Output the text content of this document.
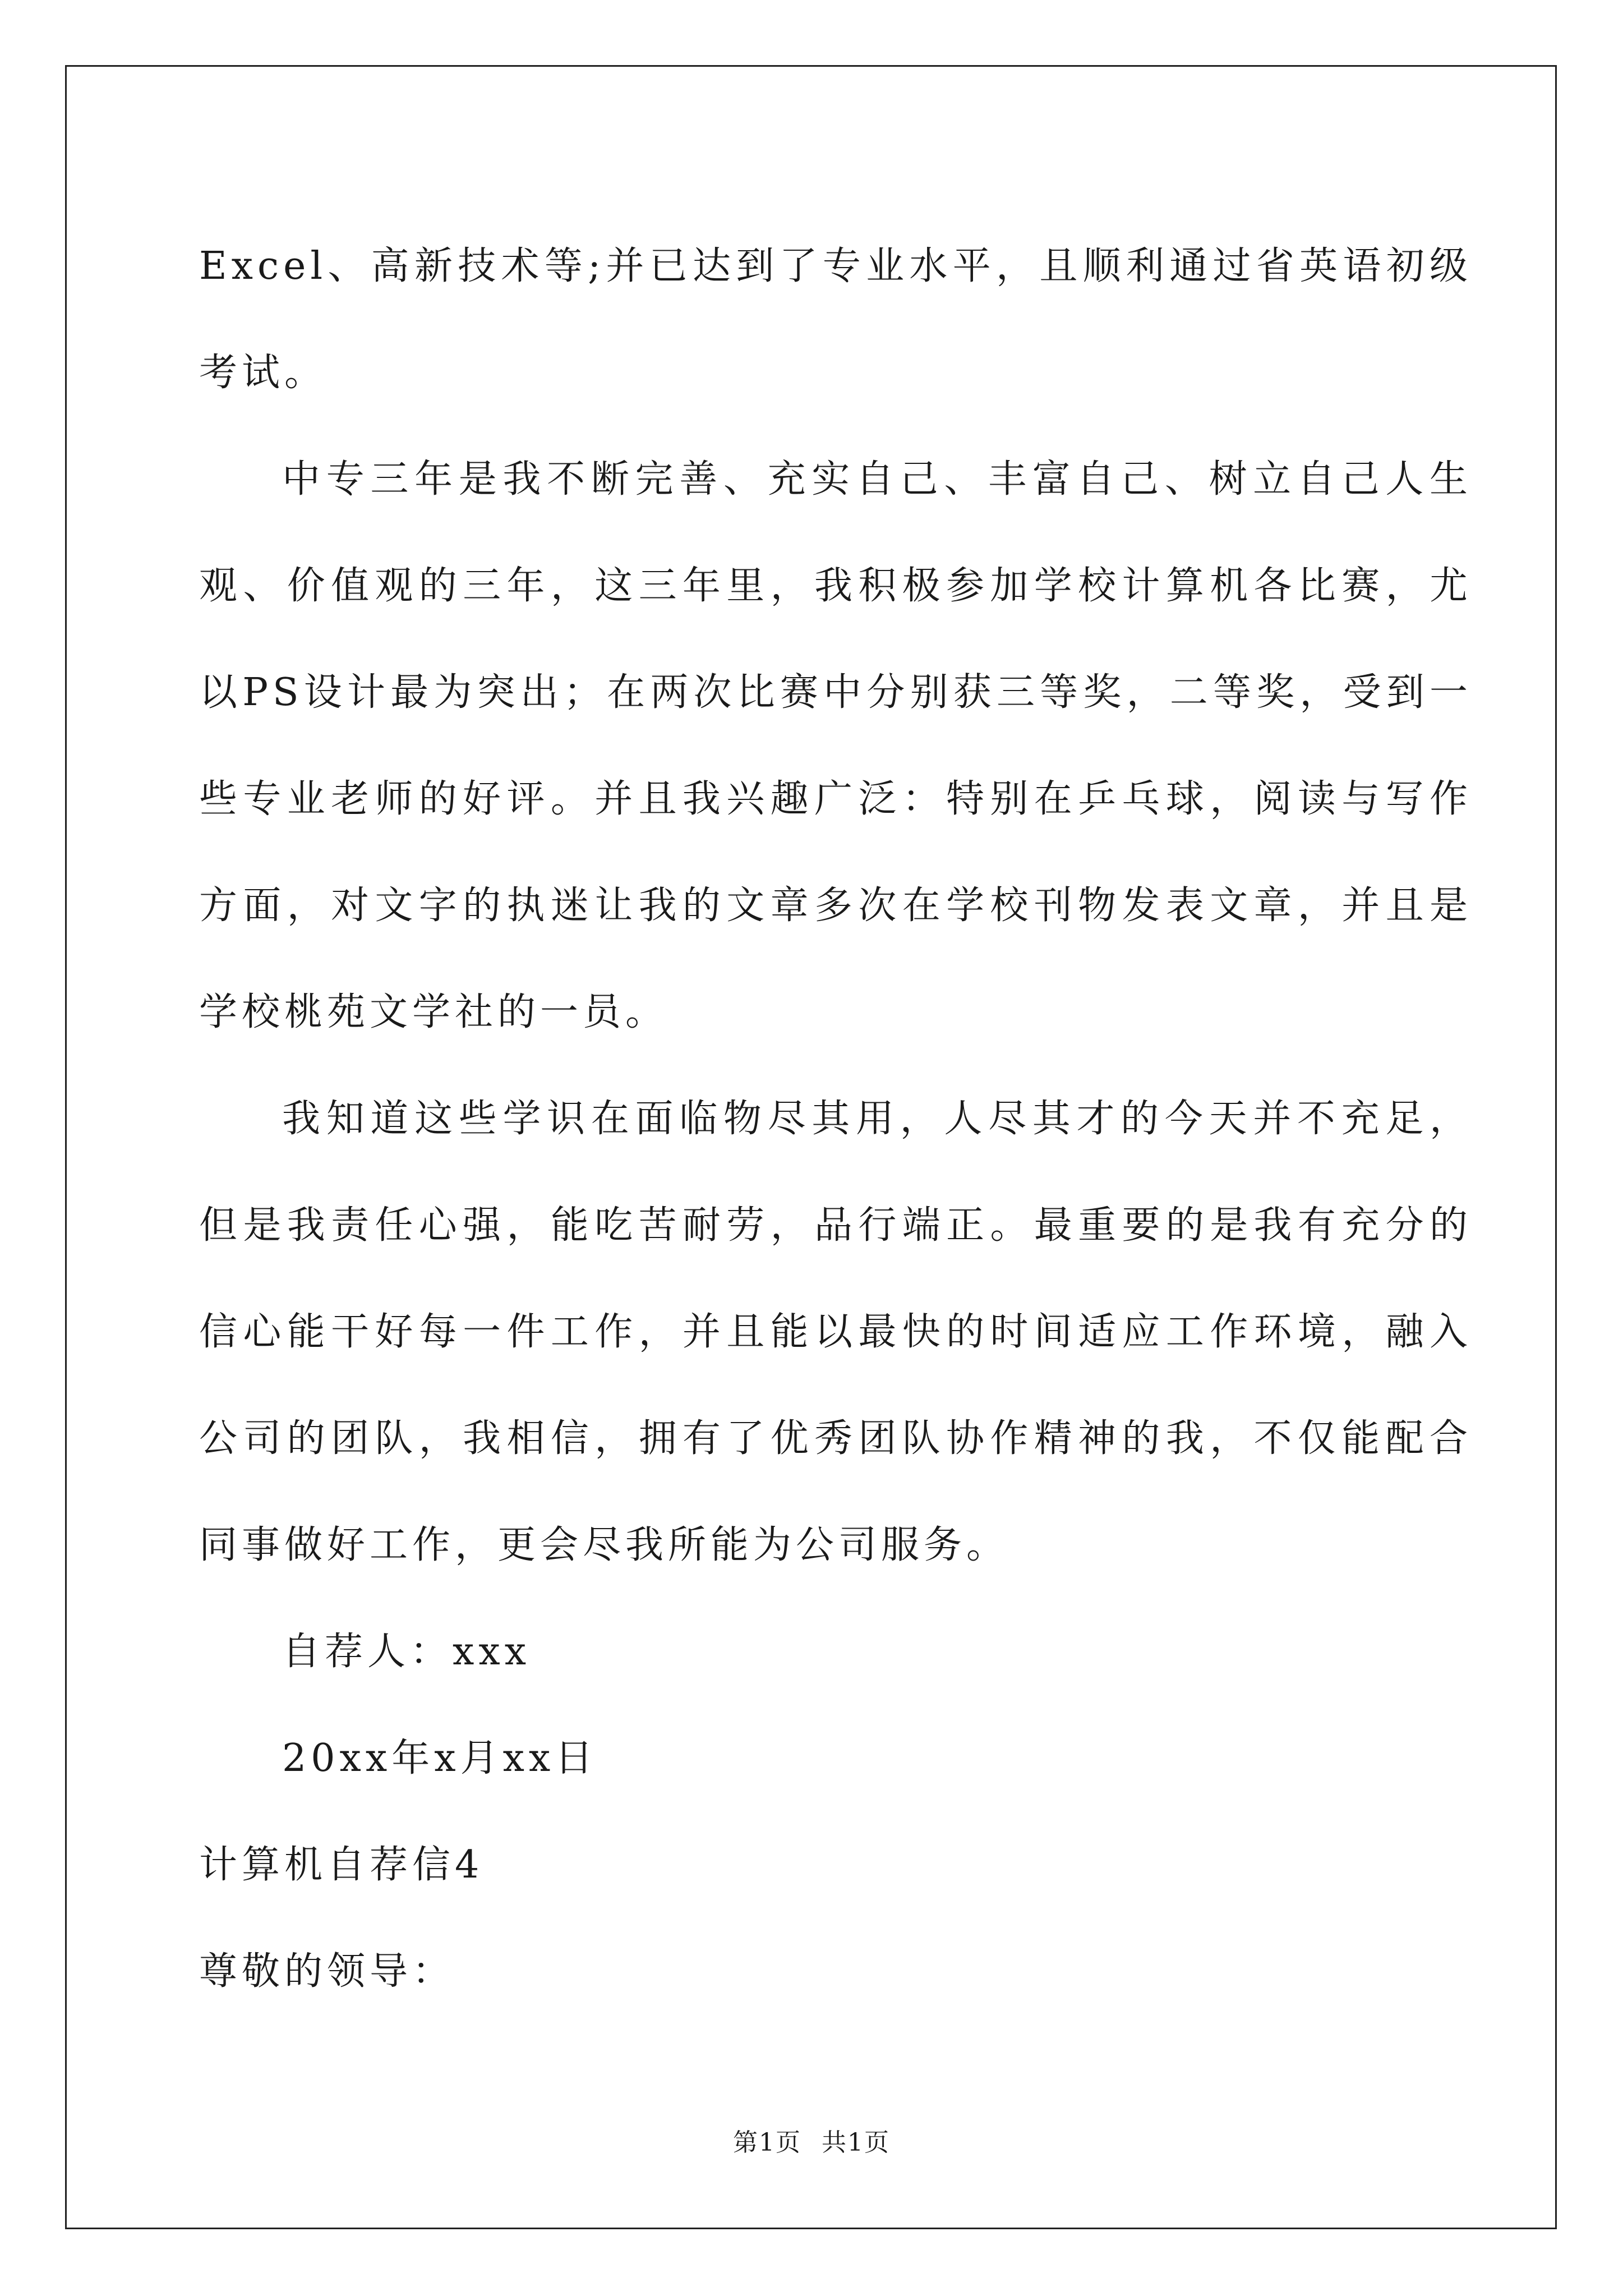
Excel、高新技术等;并已达到了专业水平，且顺利通过省英语初级考试。

中专三年是我不断完善、充实自己、丰富自己、树立自己人生观、价值观的三年，这三年里，我积极参加学校计算机各比赛，尤以PS设计最为突出；在两次比赛中分别获三等奖，二等奖，受到一些专业老师的好评。并且我兴趣广泛：特别在乒乓球，阅读与写作方面，对文字的执迷让我的文章多次在学校刊物发表文章，并且是学校桃苑文学社的一员。

我知道这些学识在面临物尽其用，人尽其才的今天并不充足，但是我责任心强，能吃苦耐劳，品行端正。最重要的是我有充分的信心能干好每一件工作，并且能以最快的时间适应工作环境，融入公司的团队，我相信，拥有了优秀团队协作精神的我，不仅能配合同事做好工作，更会尽我所能为公司服务。

自荐人：xxx

20xx年x月xx日

计算机自荐信4

尊敬的领导：

第1页 共1页
